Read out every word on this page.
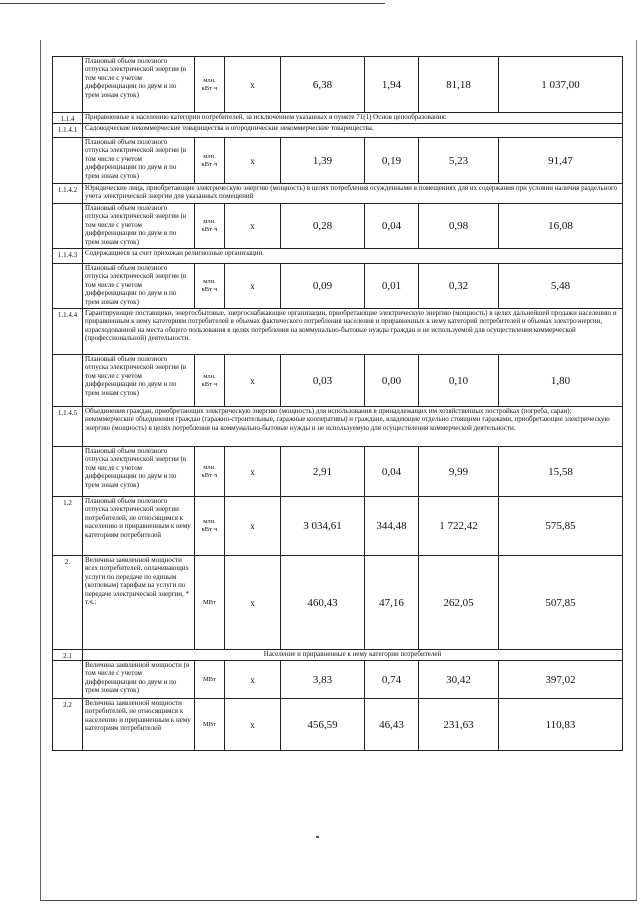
	Плановый объем полезного отпуска электрической энергии (в том числе с учетом дифференциации по двум и по трем зонам суток)	млн. кВт·ч	x	6,38	1,94	81,18	1 037,00
1.1.4	Приравненные к населению категории потребителей, за исключением указанных в пункте 71(1) Основ ценообразования:						
1.1.4.1	Садоводческие некоммерческие товарищества и огороднические некоммерческие товарищества.						
	Плановый объем полезного отпуска электрической энергии (в том числе с учетом дифференциации по двум и по трем зонам суток)	млн. кВт·ч	x	1,39	0,19	5,23	91,47
1.1.4.2	Юридические лица, приобретающие электрическую энергию (мощность) в целях потребления осужденными в помещениях для их содержания при условии наличия раздельного учета электрической энергии для указанных помещений						
	Плановый объем полезного отпуска электрической энергии (в том числе с учетом дифференциации по двум и по трем зонам суток)	млн. кВт·ч	x	0,28	0,04	0,98	16,08
1.1.4.3	Содержащиеся за счет прихожан религиозные организации.						
	Плановый объем полезного отпуска электрической энергии (в том числе с учетом дифференциации по двум и по трем зонам суток)	млн. кВт·ч	x	0,09	0,01	0,32	5,48
1.1.4.4	Гарантирующие поставщики, энергосбытовые, энергоснабжающие организации, приобретающие электрическую энергию (мощность) в целях дальнейшей продажи населению и приравненным к нему категориям потребителей в объемах фактического потребления населения и приравненных к нему категорий потребителей и объемах электроэнергии, израсходованной на места общего пользования в целях потребления на коммунально-бытовые нужды граждан и не используемой для осуществления коммерческой (профессиональной) деятельности.						
	Плановый объем полезного отпуска электрической энергии (в том числе с учетом дифференциации по двум и по трем зонам суток)	млн. кВт·ч	x	0,03	0,00	0,10	1,80
1.1.4.5	Объединения граждан, приобретающих электрическую энергию (мощность) для использования в принадлежащих им хозяйственных постройках (погреба, сараи); некоммерческие объединения граждан (гаражно-строительные, гаражные кооперативы) и граждане, владеющие отдельно стоящими гаражами, приобретающие электрическую энергию (мощность) в целях потребления на коммунально-бытовые нужды и не используемую для осуществления коммерческой деятельности.						
	Плановый объем полезного отпуска электрической энергии (в том числе с учетом дифференциации по двум и по трем зонам суток)	млн. кВт·ч	x	2,91	0,04	9,99	15,58
1.2	Плановый объем полезного отпуска электрической энергии потребителей, не относящимся к населению и приравненным к нему категориям потребителей	млн. кВт·ч	x	3 034,61	344,48	1 722,42	575,85
2.	Величина заявленной мощности всех потребителей, оплачивающих услуги по передаче по единым (котловым) тарифам на услуги по передаче электрической энергии, * т.ч.:	МВт	x	460,43	47,16	262,05	507,85
2.1	Население и приравненные к нему категории потребителей						
	Величина заявленной мощности (в том числе с учетом дифференциации по двум и по трем зонам суток)	МВт	x	3,83	0,74	30,42	397,02
2.2	Величина заявленной мощности потребителей, не относящимся к населению и приравненным к нему категориям потребителей	МВт	x	456,59	46,43	231,63	110,83
